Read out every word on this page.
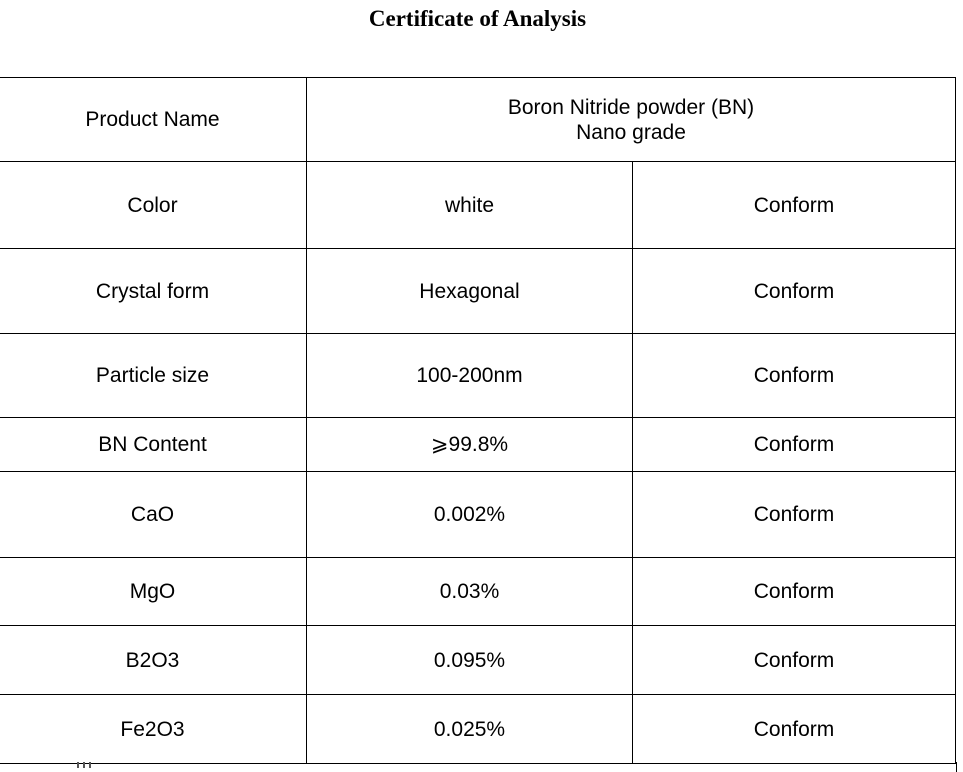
Certificate of Analysis
Product Name	Boron Nitride powder (BN)
Nano grade	

Color	white	Conform
Crystal form	Hexagonal	Conform
Particle size	100-200nm	Conform
BN Content	⩾99.8%	Conform
CaO	0.002%	Conform
MgO	0.03%	Conform
B2O3	0.095%	Conform
Fe2O3	0.025%	Conform
